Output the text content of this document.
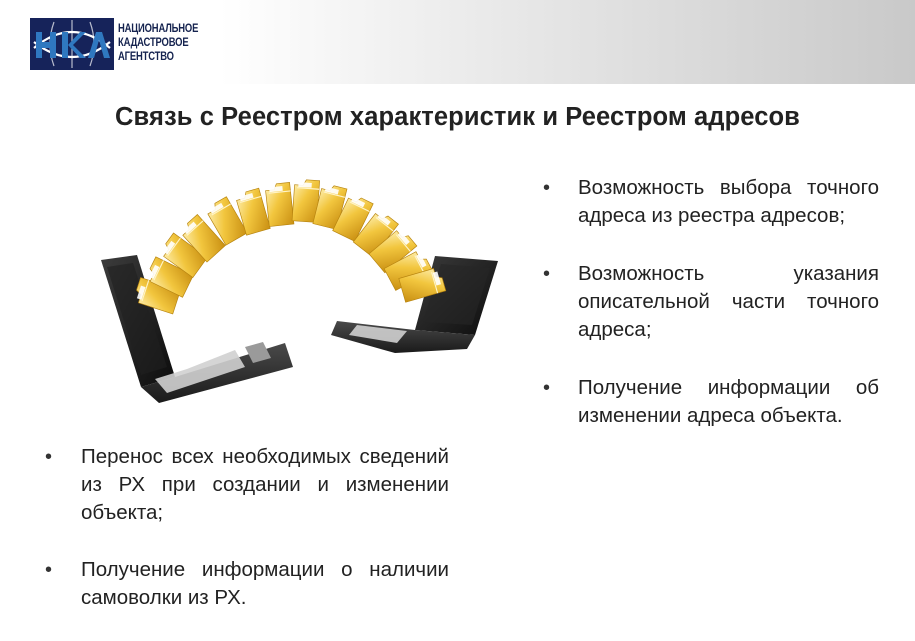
НАЦИОНАЛЬНОЕ
КАДАСТРОВОЕ
АГЕНТСТВО
Связь с Реестром характеристик и Реестром адресов
• Возможность выбора точного адреса из реестра адресов;
• Возможность указания описательной части точного адреса;
• Получение информации об изменении адреса объекта.
• Перенос всех необходимых сведений из РХ при создании и изменении объекта;
• Получение информации о наличии самоволки из РХ.
